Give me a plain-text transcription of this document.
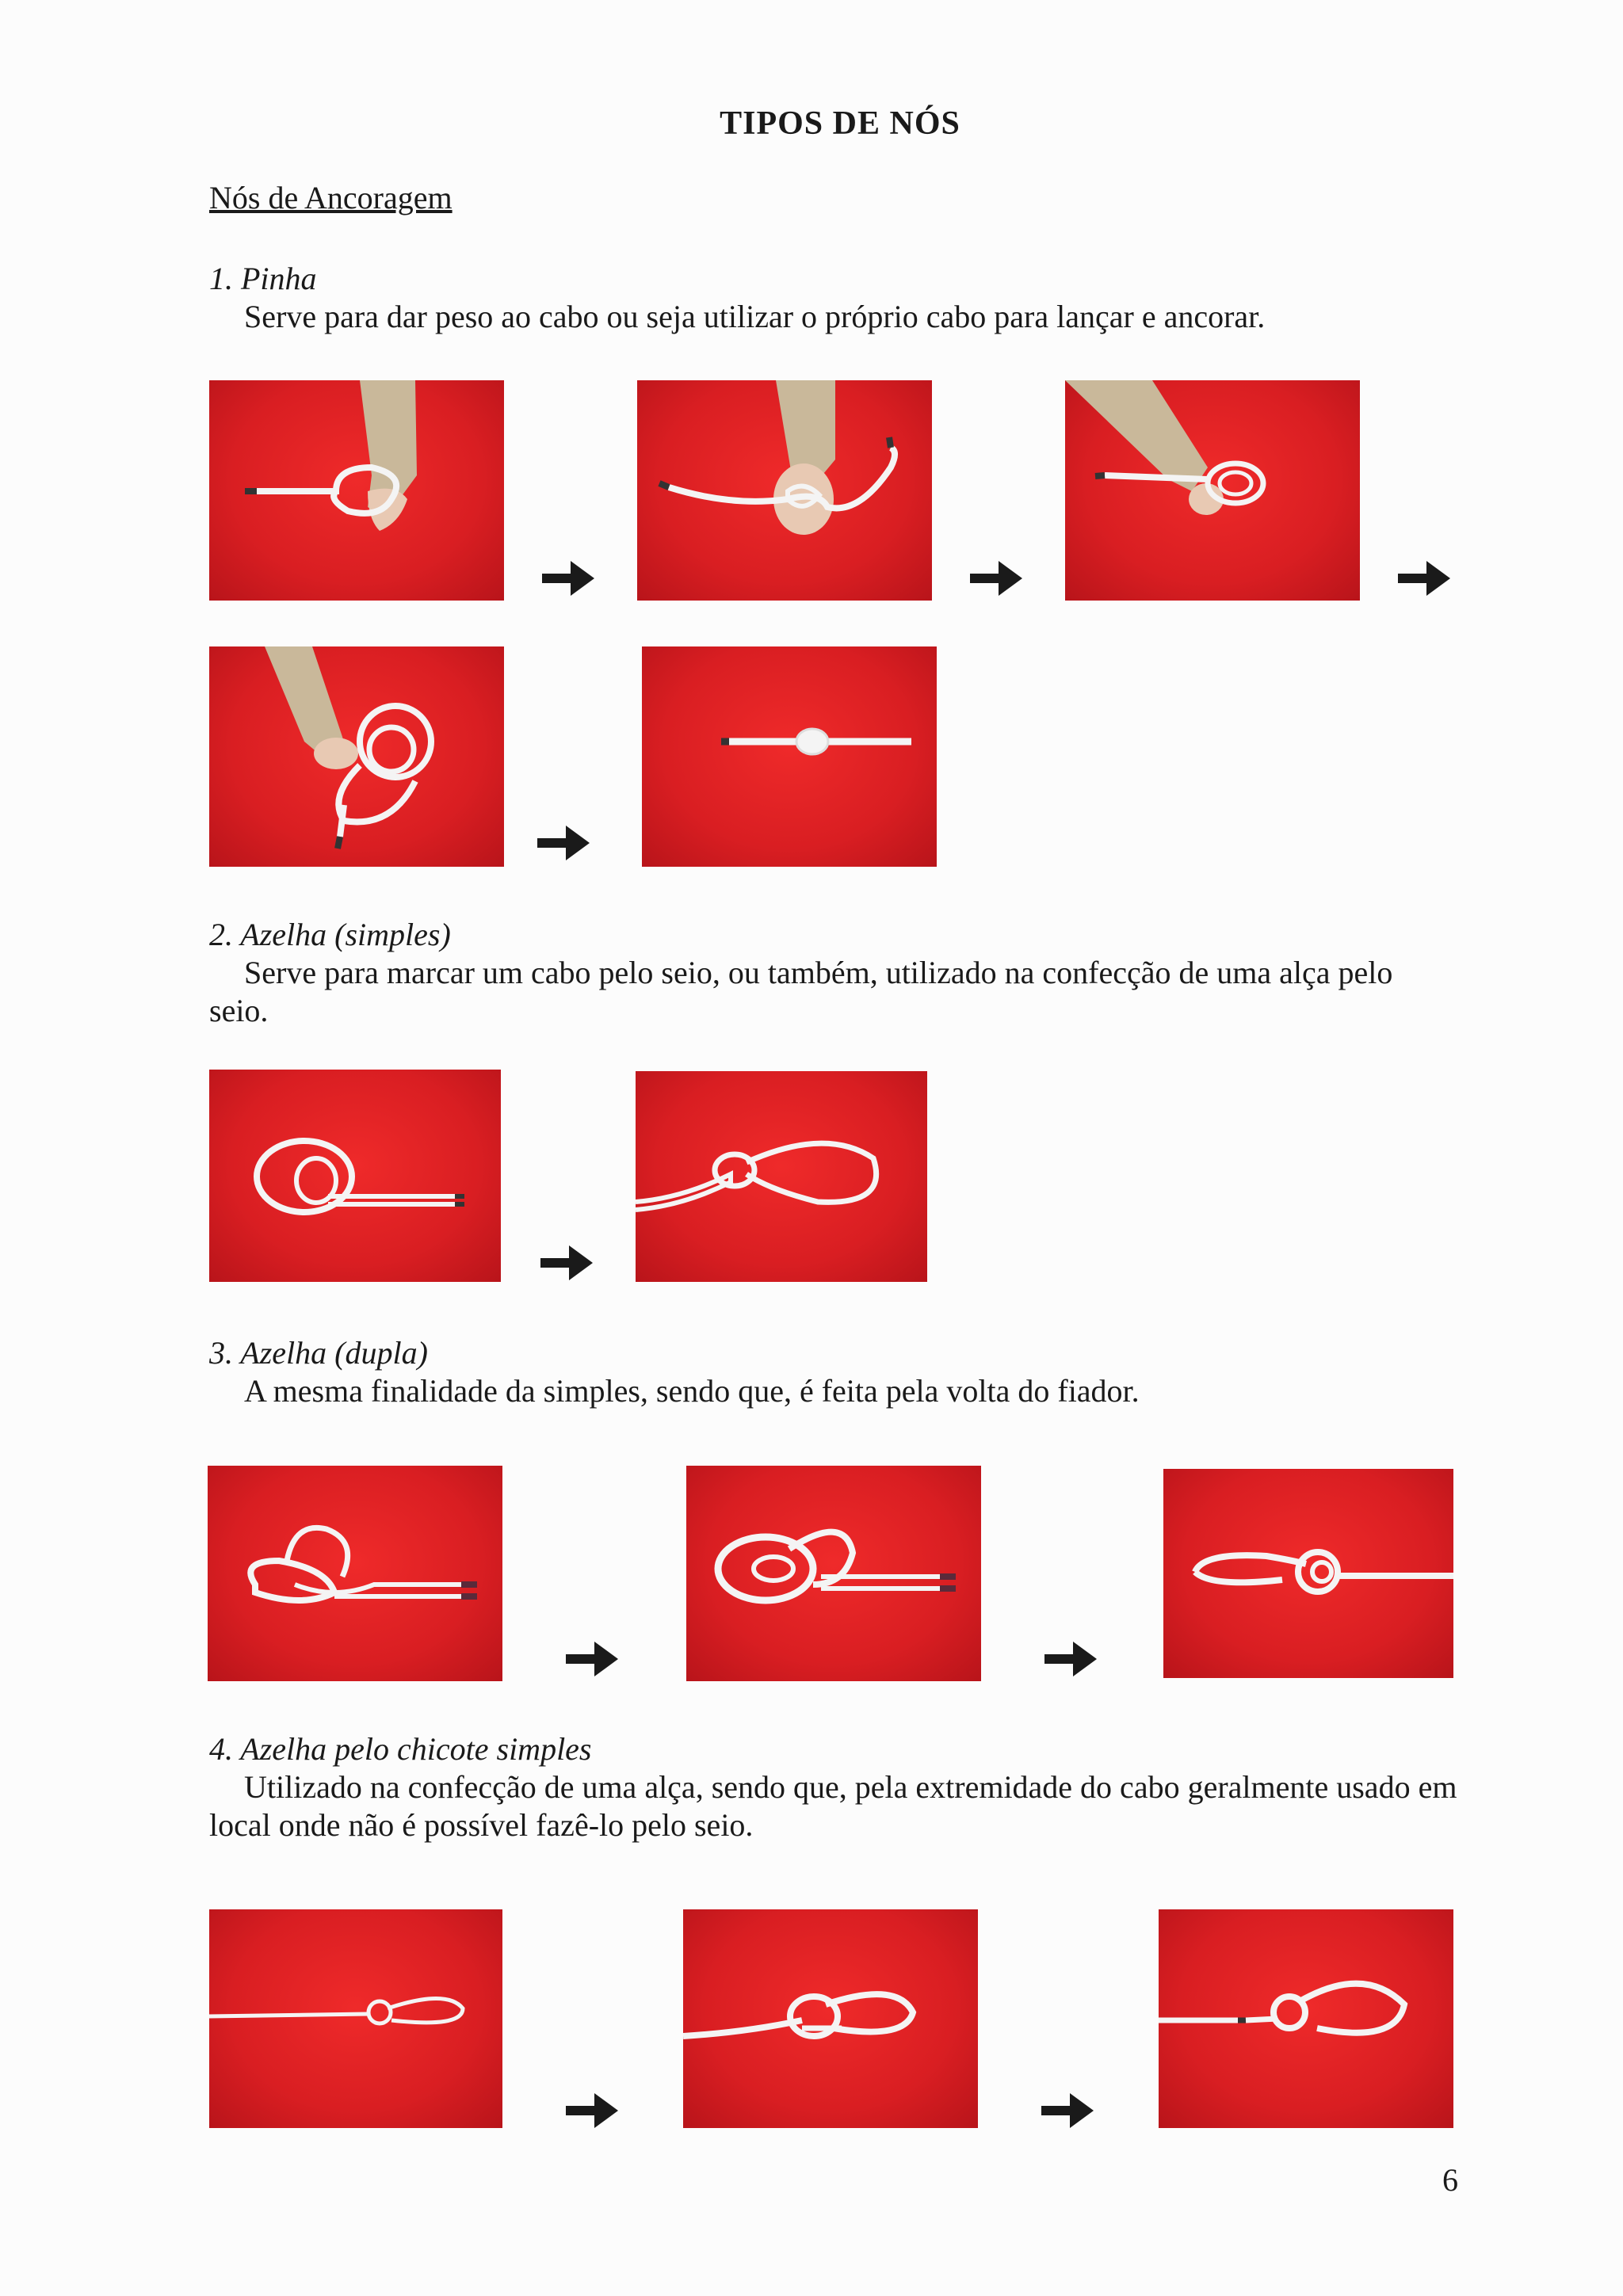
TIPOS DE NÓS
Nós de Ancoragem
1. Pinha

Serve para dar peso ao cabo ou seja utilizar o próprio cabo para lançar e ancorar.

2. Azelha (simples)

Serve para marcar um cabo pelo seio, ou também, utilizado na confecção de uma alça pelo seio.

3. Azelha (dupla)

A mesma finalidade da simples, sendo que, é feita pela volta do fiador.

4. Azelha pelo chicote simples

Utilizado na confecção de uma alça, sendo que, pela extremidade do cabo geralmente usado em local onde não é possível fazê-lo pelo seio.

6
